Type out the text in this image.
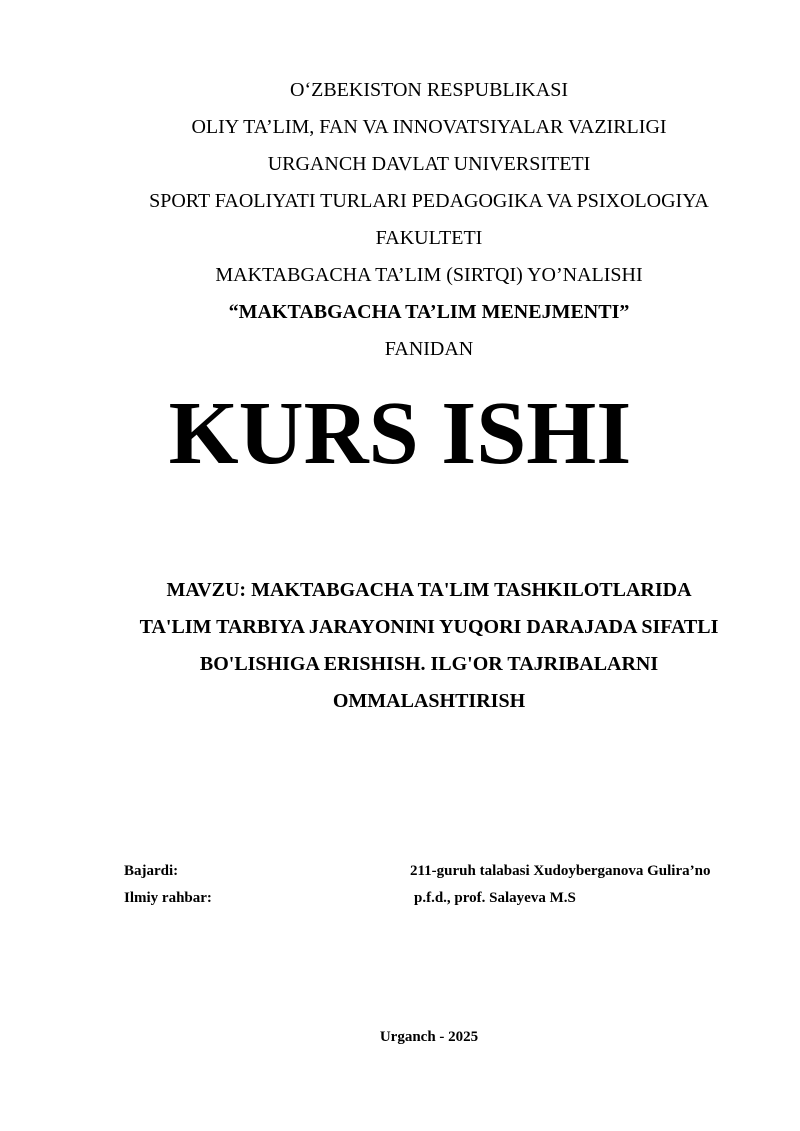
O‘ZBEKISTON RESPUBLIKASI
OLIY TA’LIM, FAN VA INNOVATSIYALAR VAZIRLIGI
URGANCH DAVLAT UNIVERSITETI
SPORT FAOLIYATI TURLARI PEDAGOGIKA VA PSIXOLOGIYA
FAKULTETI
MAKTABGACHA TA’LIM (SIRTQI) YO’NALISHI
“MAKTABGACHA TA’LIM MENEJMENTI”
FANIDAN
KURS ISHI
MAVZU: MAKTABGACHA TA'LIM TASHKILOTLARIDA
TA'LIM TARBIYA JARAYONINI YUQORI DARAJADA SIFATLI
BO'LISHIGA ERISHISH. ILG'OR TAJRIBALARNI
OMMALASHTIRISH
Bajardi:	211-guruh talabasi Xudoyberganova Gulira’no
Ilmiy rahbar:	p.f.d., prof. Salayeva M.S
Urganch - 2025
